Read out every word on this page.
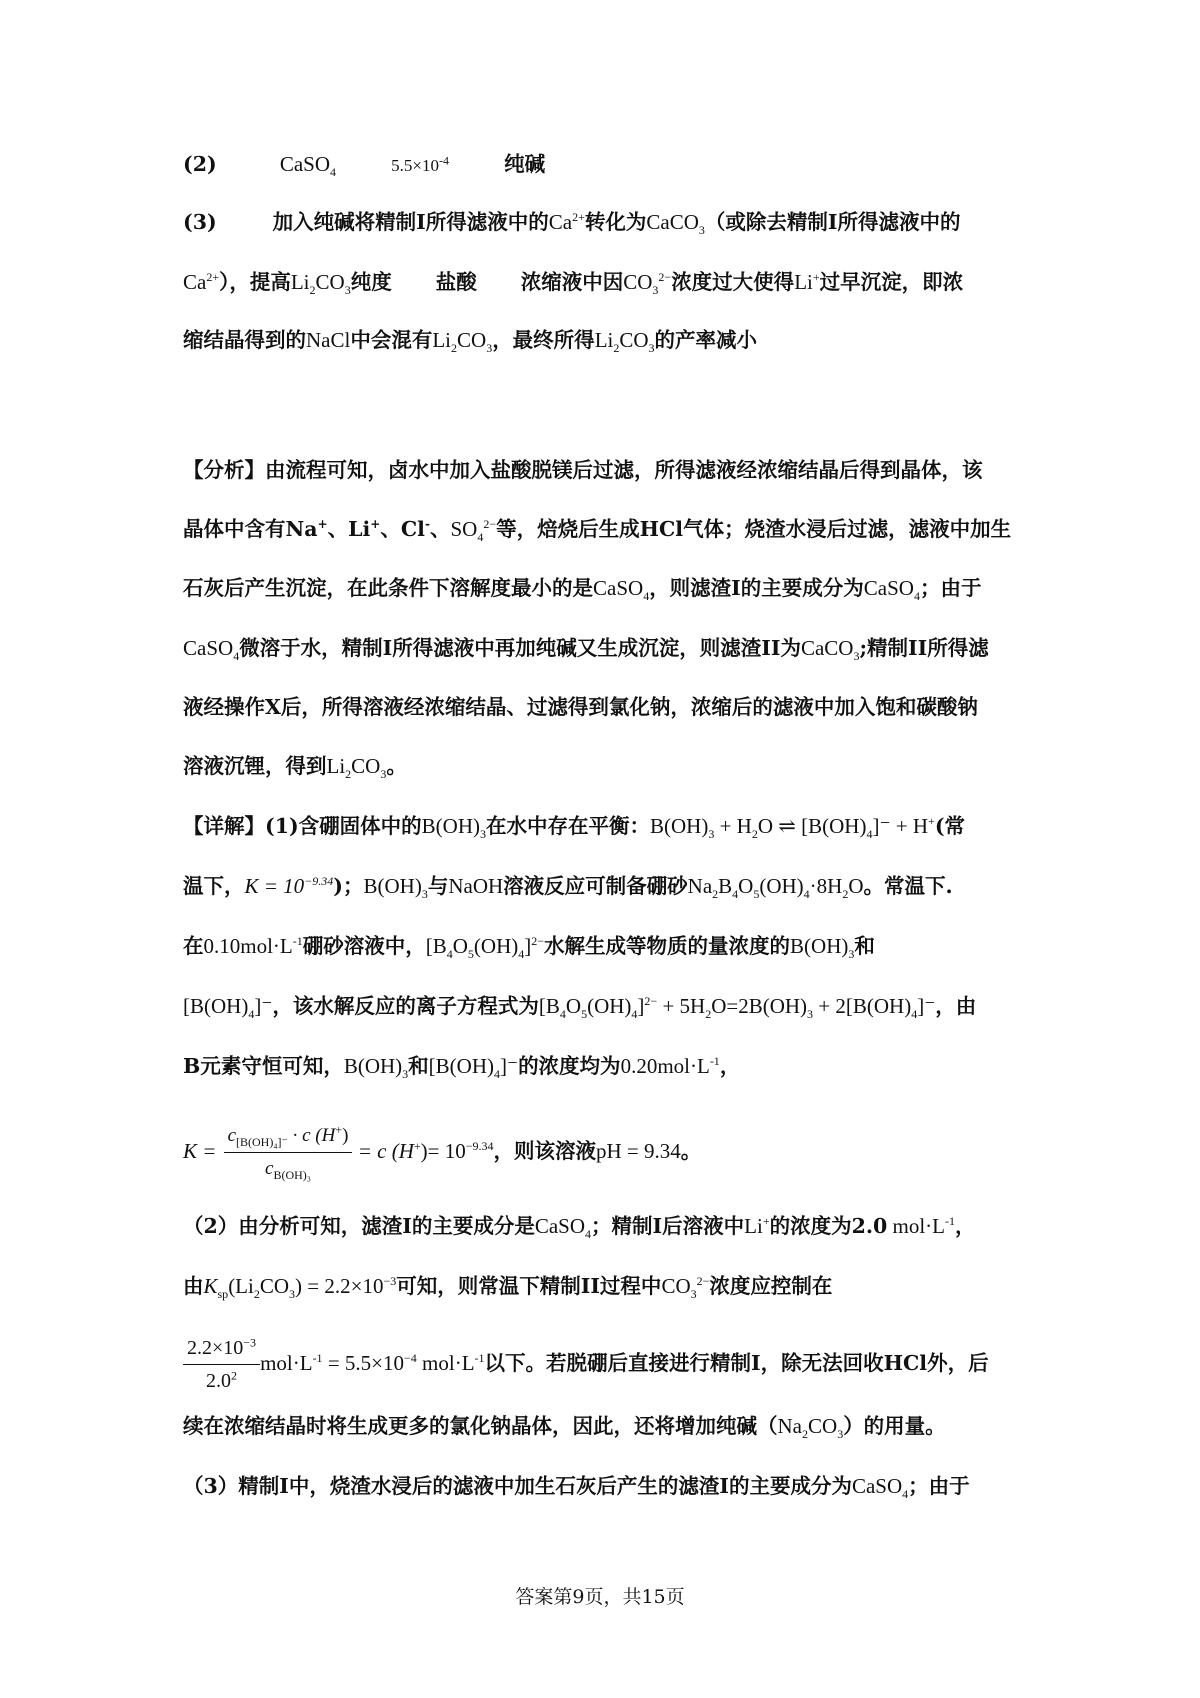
(2)	CaSO$_4$	$5.5\times 10^{-4}$	纯碱
(3)	加入纯碱将精制I所得滤液中的$Ca^{2+}$转化为CaCO$_3$（或除去精制I所得滤液中的
$Ca^{2+}$），提高$Li_2CO_3$纯度 盐酸 浓缩液中因$CO_3^{2-}$浓度过大使得Li+过早沉淀，即浓
缩结晶得到的NaCl中会混有$Li_2CO_3$，最终所得$Li_2CO_3$的产率减小
【分析】由流程可知，卤水中加入盐酸脱镁后过滤，所得滤液经浓缩结晶后得到晶体，该
晶体中含有Na+、Li+、Cl-、$SO_4^{2-}$等，焙烧后生成HCl气体；烧渣水浸后过滤，滤液中加生
石灰后产生沉淀，在此条件下溶解度最小的是CaSO$_4$，则滤渣I的主要成分为CaSO$_4$；由于
CaSO$_4$微溶于水，精制I所得滤液中再加纯碱又生成沉淀，则滤渣II为CaCO$_3$;精制II所得滤
液经操作X后，所得溶液经浓缩结晶、过滤得到氯化钠，浓缩后的滤液中加入饱和碳酸钠
溶液沉锂，得到$Li_2CO_3$。
【详解】(1)含硼固体中的$B(OH)_3$在水中存在平衡：$B(OH)_3 + H_2O$ ⇌ $[B(OH)_4]^- + H^+$(常
温下，$K = 10^{-9.34}$)；$B(OH)_3$与NaOH溶液反应可制备硼砂$Na_2B_4O_5(OH)_4\cdot 8H_2O$。常温下.
在$0.10mol\cdot L^{-1}$硼砂溶液中，$[B_4O_5(OH)_4]^{2-}$水解生成等物质的量浓度的$B(OH)_3$和
$[B(OH)_4]^-$，该水解反应的离子方程式为$[B_4O_5(OH)_4]^{2-} + 5H_2O=2B(OH)_3 + 2[B(OH)_4]^-$，由
B元素守恒可知，$B(OH)_3$和$[B(OH)_4]^-$的浓度均为$0.20mol\cdot L^{-1}$，
$K = \frac{c_{[B(OH)_4]^-} \cdot c (H^+)}{c_{B(OH)_3}} = c$ $(H^+)= 10^{-9.34}$，则该溶液pH = 9.34。
（2）由分析可知，滤渣I的主要成分是CaSO$_4$；精制I后溶液中Li+的浓度为2.0 $mol\cdot L^{-1}$，
由$K_{sp}(Li_2CO_3) = 2.2\times 10^{-3}$可知，则常温下精制II过程中$CO_3^{2-}$浓度应控制在
$\frac{2.2\times 10^{-3}}{2.0^2} mol\cdot L^{-1} = 5.5\times 10^{-4}$ $mol\cdot L^{-1}$以下。若脱硼后直接进行精制I，除无法回收HCl外，后
续在浓缩结晶时将生成更多的氯化钠晶体，因此，还将增加纯碱$(Na_2CO_3)$的用量。
（3）精制I中，烧渣水浸后的滤液中加生石灰后产生的滤渣I的主要成分为CaSO$_4$；由于
答案第9页，共15页
